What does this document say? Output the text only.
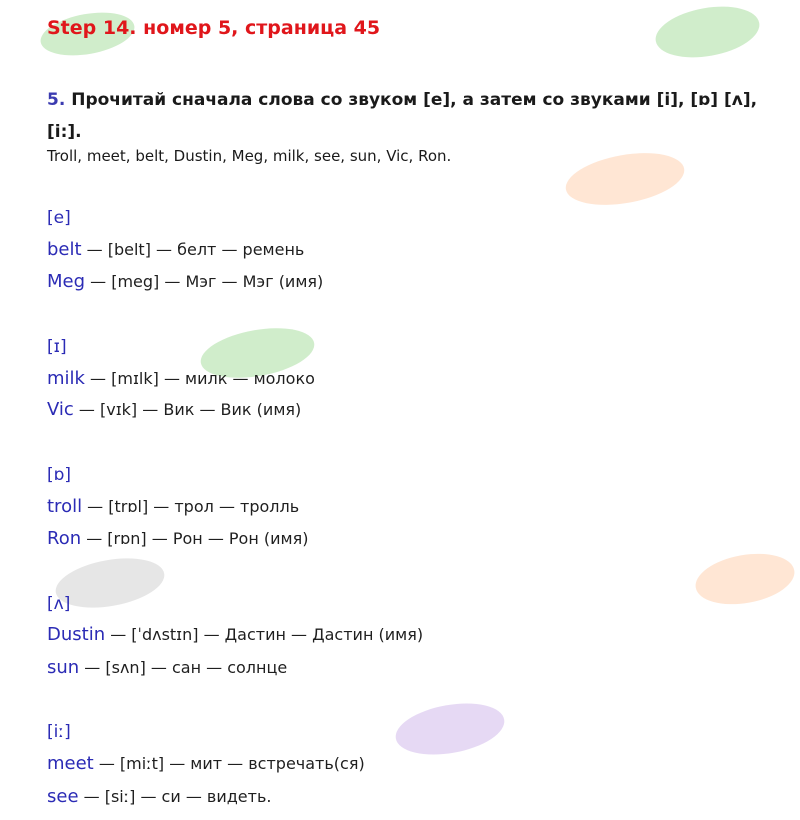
Step 14. номер 5, страница 45
5. Прочитай сначала слова со звуком [e], а затем со звуками [i], [ɒ] [ʌ], [i:].
Troll, meet, belt, Dustin, Meg, milk, see, sun, Vic, Ron.
[e]
belt — [belt] — белт — ремень
Meg — [meg] — Мэг — Мэг (имя)
[ɪ]
milk — [mɪlk] — милк — молоко
Vic — [vɪk] — Вик — Вик (имя)
[ɒ]
troll — [trɒl] — трол — тролль
Ron — [rɒn] — Рон — Рон (имя)
[ʌ]
Dustin — [ˈdʌstɪn] — Дастин — Дастин (имя)
sun — [sʌn] — сан — солнце
[iː]
meet — [miːt] — мит — встречать(ся)
see — [siː] — си — видеть.
